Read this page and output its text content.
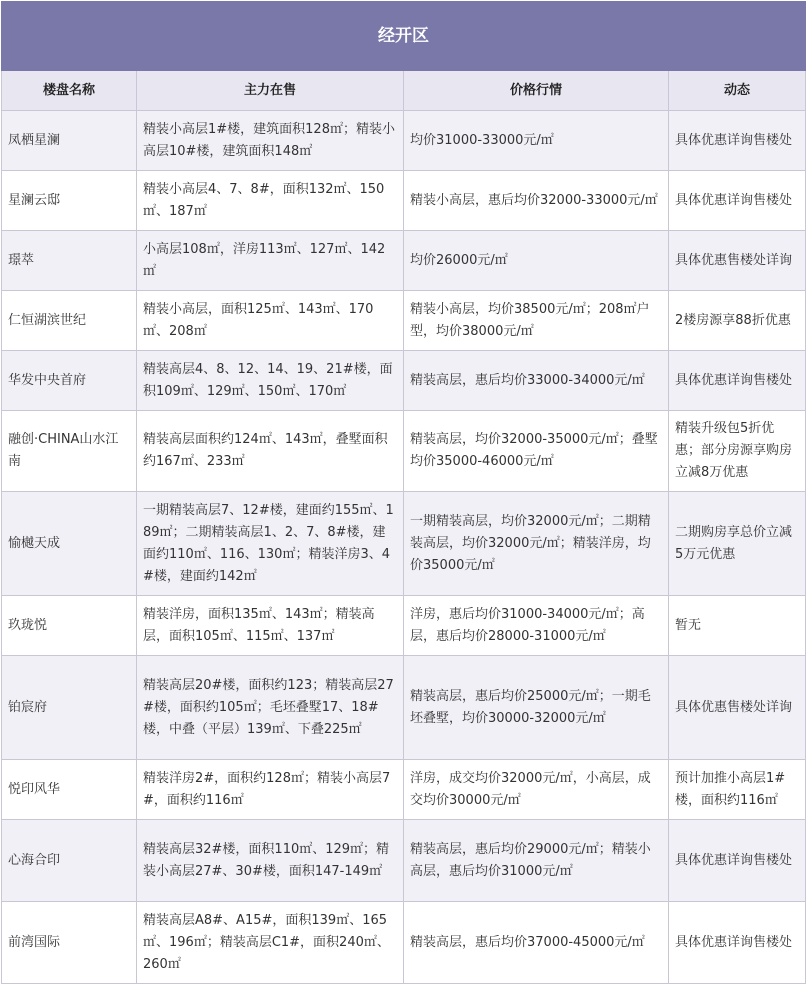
经开区			
楼盘名称	主力在售	价格行情	动态
凤栖星澜	精装小高层1#楼，建筑面积128㎡；精装小高层10#楼，建筑面积148㎡	均价31000-33000元/㎡	具体优惠详询售楼处
星澜云邸	精装小高层4、7、8#，面积132㎡、150㎡、187㎡	精装小高层，惠后均价32000-33000元/㎡	具体优惠详询售楼处
璟萃	小高层108㎡，洋房113㎡、127㎡、142㎡	均价26000元/㎡	具体优惠售楼处详询
仁恒湖滨世纪	精装小高层，面积125㎡、143㎡、170㎡、208㎡	精装小高层，均价38500元/㎡；208㎡户型，均价38000元/㎡	2楼房源享88折优惠
华发中央首府	精装高层4、8、12、14、19、21#楼，面积109㎡、129㎡、150㎡、170㎡	精装高层，惠后均价33000-34000元/㎡	具体优惠详询售楼处
融创·CHINA山水江南	精装高层面积约124㎡、143㎡，叠墅面积约167㎡、233㎡	精装高层，均价32000-35000元/㎡；叠墅均价35000-46000元/㎡	精装升级包5折优惠；部分房源享购房立减8万优惠
愉樾天成	一期精装高层7、12#楼，建面约155㎡、189㎡；二期精装高层1、2、7、8#楼，建面约110㎡、116、130㎡；精装洋房3、4#楼，建面约142㎡	一期精装高层，均价32000元/㎡；二期精装高层，均价32000元/㎡；精装洋房，均价35000元/㎡	二期购房享总价立减5万元优惠
玖珑悦	精装洋房，面积135㎡、143㎡；精装高层，面积105㎡、115㎡、137㎡	洋房，惠后均价31000-34000元/㎡；高层，惠后均价28000-31000元/㎡	暂无
铂宸府	精装高层20#楼，面积约123；精装高层27#楼，面积约105㎡；毛坯叠墅17、18#楼，中叠（平层）139㎡、下叠225㎡	精装高层，惠后均价25000元/㎡；一期毛坯叠墅，均价30000-32000元/㎡	具体优惠售楼处详询
悦印风华	精装洋房2#，面积约128㎡；精装小高层7#，面积约116㎡	洋房，成交均价32000元/㎡，小高层，成交均价30000元/㎡	预计加推小高层1#楼，面积约116㎡
心海合印	精装高层32#楼，面积110㎡、129㎡；精装小高层27#、30#楼，面积147-149㎡	精装高层，惠后均价29000元/㎡；精装小高层，惠后均价31000元/㎡	具体优惠详询售楼处
前湾国际	精装高层A8#、A15#，面积139㎡、165㎡、196㎡；精装高层C1#，面积240㎡、260㎡	精装高层，惠后均价37000-45000元/㎡	具体优惠详询售楼处
